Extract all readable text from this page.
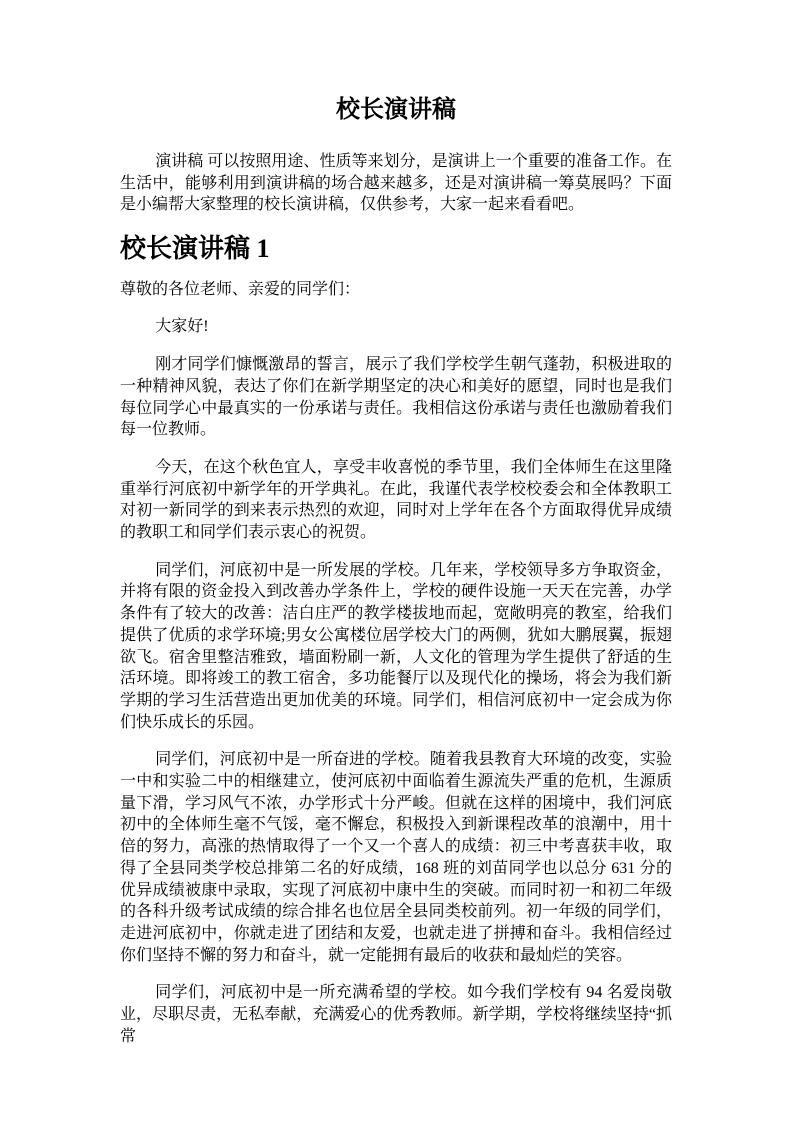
校长演讲稿

演讲稿 可以按照用途、性质等来划分，是演讲上一个重要的准备工作。在生活中，能够利用到演讲稿的场合越来越多，还是对演讲稿一筹莫展吗？下面是小编帮大家整理的校长演讲稿，仅供参考，大家一起来看看吧。

校长演讲稿 1

尊敬的各位老师、亲爱的同学们：

大家好!

刚才同学们慷慨激昂的誓言，展示了我们学校学生朝气蓬勃，积极进取的一种精神风貌，表达了你们在新学期坚定的决心和美好的愿望，同时也是我们每位同学心中最真实的一份承诺与责任。我相信这份承诺与责任也激励着我们每一位教师。

今天，在这个秋色宜人，享受丰收喜悦的季节里，我们全体师生在这里隆重举行河底初中新学年的开学典礼。在此，我谨代表学校校委会和全体教职工对初一新同学的到来表示热烈的欢迎，同时对上学年在各个方面取得优异成绩的教职工和同学们表示衷心的祝贺。

同学们，河底初中是一所发展的学校。几年来，学校领导多方争取资金，并将有限的资金投入到改善办学条件上，学校的硬件设施一天天在完善，办学条件有了较大的改善：洁白庄严的教学楼拔地而起，宽敞明亮的教室，给我们提供了优质的求学环境;男女公寓楼位居学校大门的两侧，犹如大鹏展翼，振翅欲飞。宿舍里整洁雅致，墙面粉刷一新，人文化的管理为学生提供了舒适的生活环境。即将竣工的教工宿舍，多功能餐厅以及现代化的操场，将会为我们新学期的学习生活营造出更加优美的环境。同学们，相信河底初中一定会成为你们快乐成长的乐园。

同学们，河底初中是一所奋进的学校。随着我县教育大环境的改变，实验一中和实验二中的相继建立，使河底初中面临着生源流失严重的危机，生源质量下滑，学习风气不浓，办学形式十分严峻。但就在这样的困境中，我们河底初中的全体师生毫不气馁，毫不懈怠，积极投入到新课程改革的浪潮中，用十倍的努力，高涨的热情取得了一个又一个喜人的成绩：初三中考喜获丰收，取得了全县同类学校总排第二名的好成绩，168 班的刘苗同学也以总分 631 分的优异成绩被康中录取，实现了河底初中康中生的突破。而同时初一和初二年级的各科升级考试成绩的综合排名也位居全县同类校前列。初一年级的同学们，走进河底初中，你就走进了团结和友爱，也就走进了拼搏和奋斗。我相信经过你们坚持不懈的努力和奋斗，就一定能拥有最后的收获和最灿烂的笑容。

同学们，河底初中是一所充满希望的学校。如今我们学校有 94 名爱岗敬业，尽职尽责，无私奉献，充满爱心的优秀教师。新学期，学校将继续坚持“抓常
